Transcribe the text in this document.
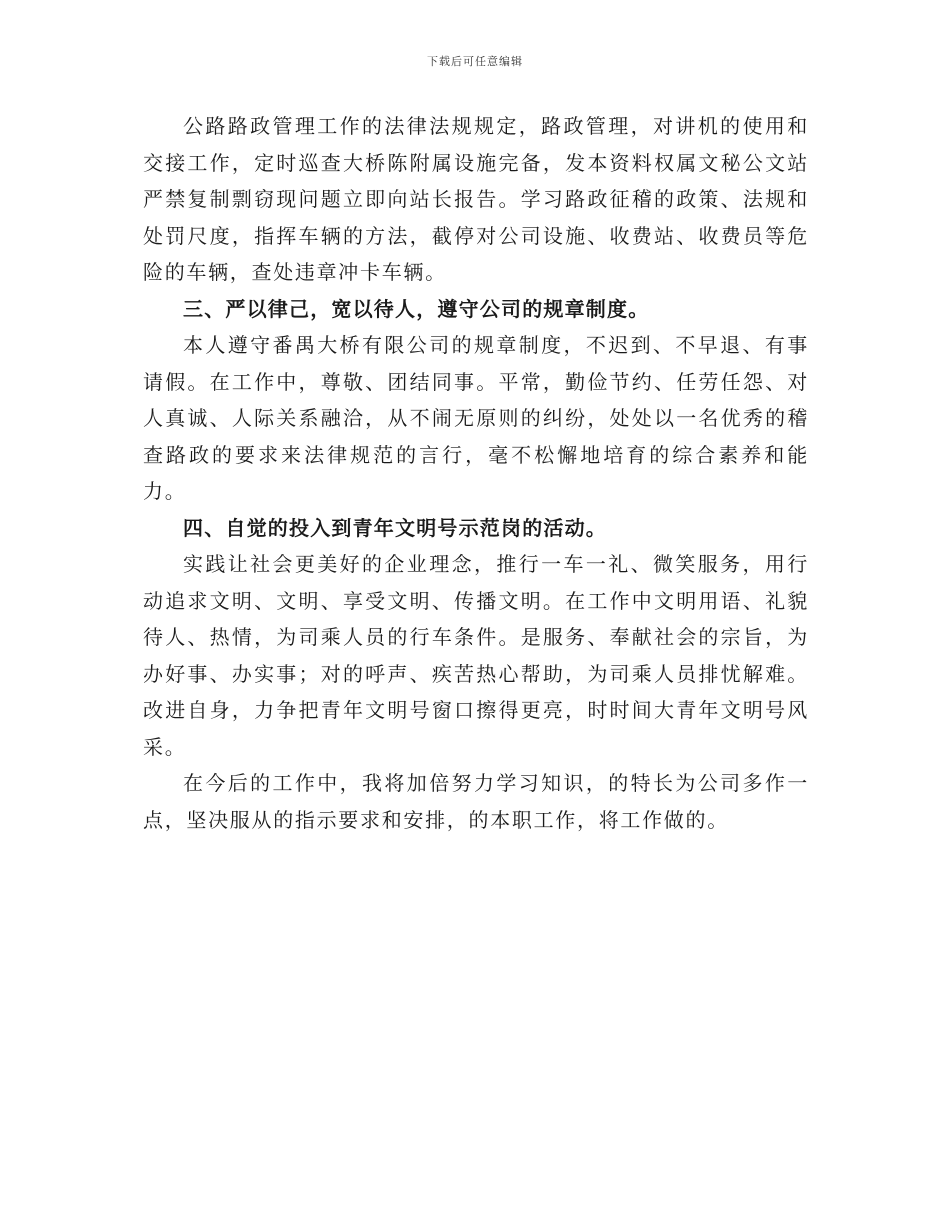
下载后可任意编辑

公路路政管理工作的法律法规规定，路政管理，对讲机的使用和交接工作，定时巡查大桥陈附属设施完备，发本资料权属文秘公文站严禁复制剽窃现问题立即向站长报告。学习路政征稽的政策、法规和处罚尺度，指挥车辆的方法，截停对公司设施、收费站、收费员等危险的车辆，查处违章冲卡车辆。

三、严以律己，宽以待人，遵守公司的规章制度。

本人遵守番禺大桥有限公司的规章制度，不迟到、不早退、有事请假。在工作中，尊敬、团结同事。平常，勤俭节约、任劳任怨、对人真诚、人际关系融洽，从不闹无原则的纠纷，处处以一名优秀的稽查路政的要求来法律规范的言行，毫不松懈地培育的综合素养和能力。

四、自觉的投入到青年文明号示范岗的活动。

实践让社会更美好的企业理念，推行一车一礼、微笑服务，用行动追求文明、文明、享受文明、传播文明。在工作中文明用语、礼貌待人、热情，为司乘人员的行车条件。是服务、奉献社会的宗旨，为办好事、办实事；对的呼声、疾苦热心帮助，为司乘人员排忧解难。改进自身，力争把青年文明号窗口擦得更亮，时时间大青年文明号风采。

在今后的工作中，我将加倍努力学习知识，的特长为公司多作一点，坚决服从的指示要求和安排，的本职工作，将工作做的。
